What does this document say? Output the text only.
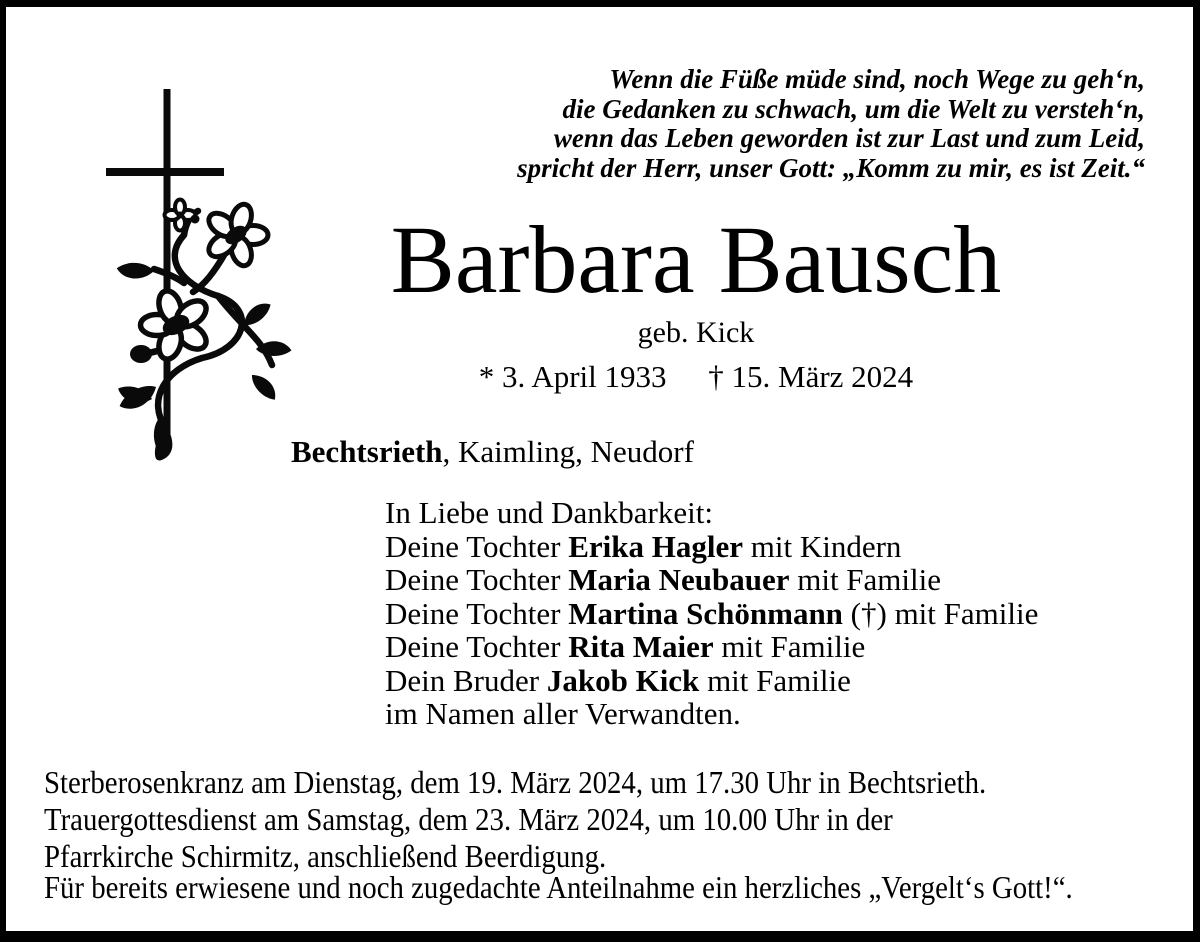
Wenn die Füße müde sind, noch Wege zu geh‘n,
die Gedanken zu schwach, um die Welt zu versteh‘n,
wenn das Leben geworden ist zur Last und zum Leid,
spricht der Herr, unser Gott: „Komm zu mir, es ist Zeit.“
Barbara Bausch
geb. Kick
* 3. April 1933 † 15. März 2024
Bechtsrieth, Kaimling, Neudorf
In Liebe und Dankbarkeit:
Deine Tochter Erika Hagler mit Kindern
Deine Tochter Maria Neubauer mit Familie
Deine Tochter Martina Schönmann (†) mit Familie
Deine Tochter Rita Maier mit Familie
Dein Bruder Jakob Kick mit Familie
im Namen aller Verwandten.
Sterberosenkranz am Dienstag, dem 19. März 2024, um 17.30 Uhr in Bechtsrieth.
Trauergottesdienst am Samstag, dem 23. März 2024, um 10.00 Uhr in der
Pfarrkirche Schirmitz, anschließend Beerdigung.
Für bereits erwiesene und noch zugedachte Anteilnahme ein herzliches „Vergelt‘s Gott!“.
